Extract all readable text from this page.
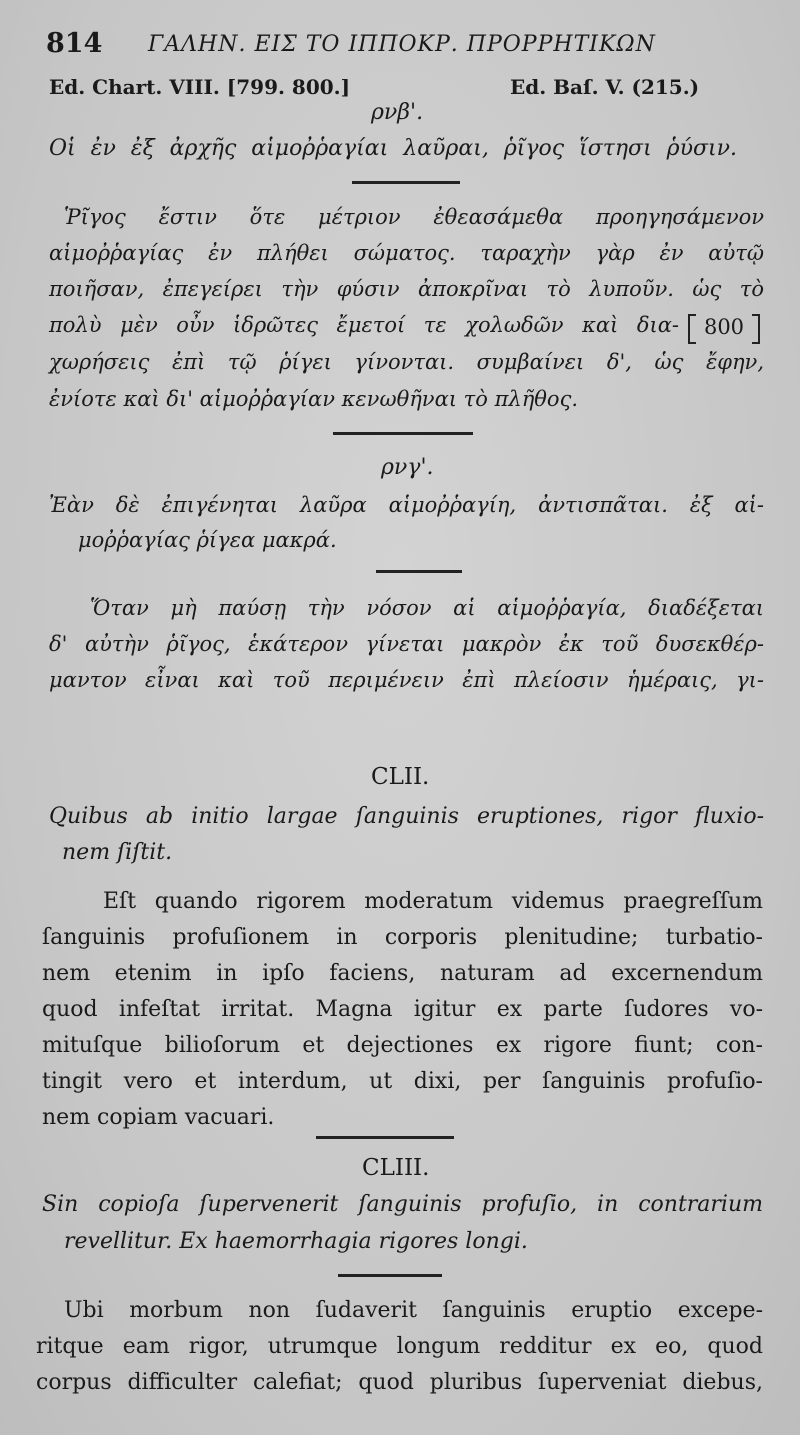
814 ΓΑΛΗΝ. ΕΙΣ ΤΟ ΙΠΠΟΚΡ. ΠΡΟΡΡΗΤΙΚΩΝ
Ed. Chart. VIII. [799. 800.]	Ed. Baſ. V. (215.)
ρνβ'.
Οἱ ἐν ἐξ ἀρχῆς αἱμοῤῥαγίαι λαῦραι, ῥῖγος ἵστησι ῥύσιν.
Ῥῖγος ἔστιν ὅτε μέτριον ἐθεασάμεθα προηγησάμενον
αἱμοῤῥαγίας ἐν πλήθει σώματος. ταραχὴν γὰρ ἐν αὐτῷ
ποιῆσαν, ἐπεγείρει τὴν φύσιν ἀποκρῖναι τὸ λυποῦν. ὡς τὸ
πολὺ μὲν οὖν ἱδρῶτες ἔμετοί τε χολωδῶν καὶ δια-	800
χωρήσεις ἐπὶ τῷ ῥίγει γίνονται. συμβαίνει δ', ὡς ἔφην,
ἐνίοτε καὶ δι' αἱμοῤῥαγίαν κενωθῆναι τὸ πλῆθος.
ρνγ'.
Ἐὰν δὲ ἐπιγένηται λαῦρα αἱμοῤῥαγίη, ἀντισπᾶται. ἐξ αἱ-
μοῤῥαγίας ῥίγεα μακρά.
Ὅταν μὴ παύσῃ τὴν νόσον αἱ αἱμοῤῥαγία, διαδέξεται
δ' αὐτὴν ῥῖγος, ἑκάτερον γίνεται μακρὸν ἐκ τοῦ δυσεκθέρ-
μαντον εἶναι καὶ τοῦ περιμένειν ἐπὶ πλείοσιν ἡμέραις, γι-
CLII.
Quibus ab initio largae ſanguinis eruptiones, rigor fluxio-
nem ſiſtit.
Eſt quando rigorem moderatum videmus praegreſſum
ſanguinis profuſionem in corporis plenitudine; turbatio-
nem etenim in ipſo faciens, naturam ad excernendum
quod infeſtat irritat. Magna igitur ex parte ſudores vo-
mituſque bilioſorum et dejectiones ex rigore fiunt; con-
tingit vero et interdum, ut dixi, per ſanguinis profuſio-
nem copiam vacuari.
CLIII.
Sin copioſa ſupervenerit ſanguinis profuſio, in contrarium
revellitur. Ex haemorrhagia rigores longi.
Ubi morbum non ſudaverit ſanguinis eruptio excepe-
ritque eam rigor, utrumque longum redditur ex eo, quod
corpus difficulter calefiat; quod pluribus ſuperveniat diebus,
